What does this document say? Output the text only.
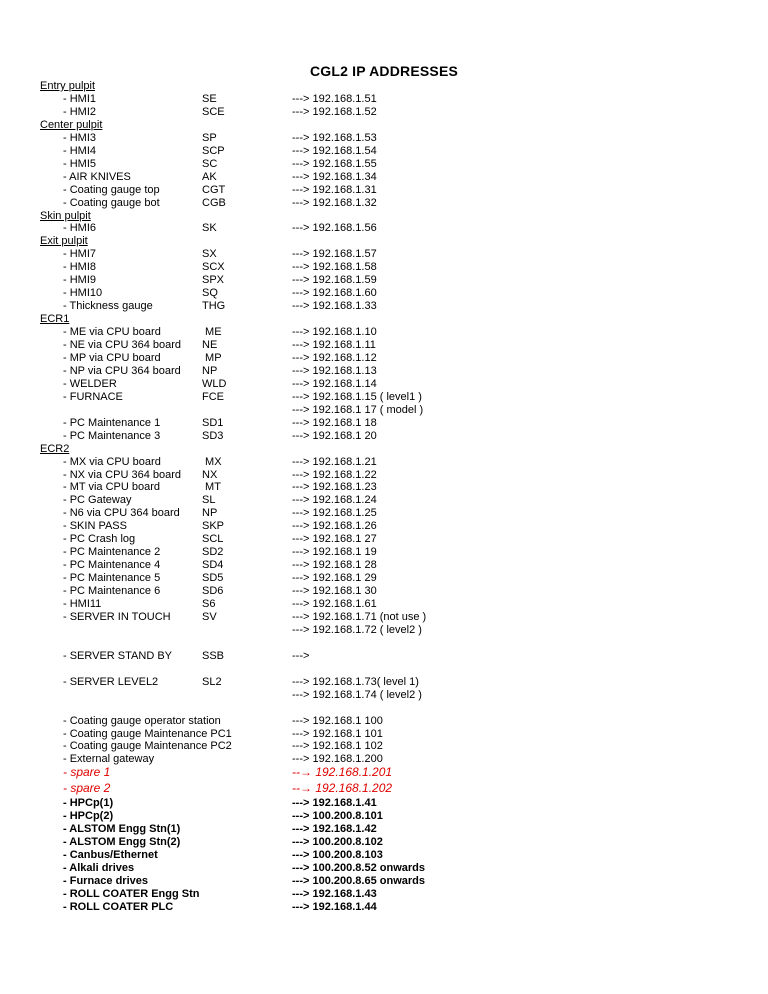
CGL2 IP ADDRESSES
Entry pulpit
- HMI1	SE	---> 192.168.1.51
- HMI2	SCE	---> 192.168.1.52
Center pulpit
- HMI3	SP	---> 192.168.1.53
- HMI4	SCP	---> 192.168.1.54
- HMI5	SC	---> 192.168.1.55
- AIR KNIVES	AK	---> 192.168.1.34
- Coating gauge top	CGT	---> 192.168.1.31
- Coating gauge bot	CGB	---> 192.168.1.32
Skin pulpit
- HMI6	SK	---> 192.168.1.56
Exit pulpit
- HMI7	SX	---> 192.168.1.57
- HMI8	SCX	---> 192.168.1.58
- HMI9	SPX	---> 192.168.1.59
- HMI10	SQ	---> 192.168.1.60
- Thickness gauge	THG	---> 192.168.1.33
ECR1
- ME via CPU board	ME	---> 192.168.1.10
- NE via CPU 364 board NE	---> 192.168.1.11
- MP via CPU board	MP	---> 192.168.1.12
- NP via CPU 364 board NP	---> 192.168.1.13
- WELDER	WLD	---> 192.168.1.14
- FURNACE	FCE	---> 192.168.1.15 ( level1 )
---> 192.168.1 17 ( model )
- PC Maintenance 1	SD1	---> 192.168.1 18
- PC Maintenance 3	SD3	---> 192.168.1 20
ECR2
- MX via CPU board	MX	---> 192.168.1.21
- NX via CPU 364 board NX	---> 192.168.1.22
- MT via CPU board	MT	---> 192.168.1.23
- PC Gateway	SL	---> 192.168.1.24
- N6 via CPU 364 board NP	---> 192.168.1.25
- SKIN PASS	SKP	---> 192.168.1.26
- PC Crash log	SCL	---> 192.168.1 27
- PC Maintenance 2	SD2	---> 192.168.1 19
- PC Maintenance 4	SD4	---> 192.168.1 28
- PC Maintenance 5	SD5	---> 192.168.1 29
- PC Maintenance 6	SD6	---> 192.168.1 30
- HMI11	S6	---> 192.168.1.61
- SERVER IN TOUCH	SV	---> 192.168.1.71 (not use )
---> 192.168.1.72 ( level2 )
- SERVER STAND BY	SSB	--->
- SERVER LEVEL2	SL2	---> 192.168.1.73( level 1)
---> 192.168.1.74 ( level2 )
- Coating gauge operator station	---> 192.168.1 100
- Coating gauge Maintenance PC1	---> 192.168.1 101
- Coating gauge Maintenance PC2	---> 192.168.1 102
- External gateway	---> 192.168.1.200
- spare 1	--→ 192.168.1.201
- spare 2	--→ 192.168.1.202
- HPCp(1)	---> 192.168.1.41
- HPCp(2)	---> 100.200.8.101
- ALSTOM Engg Stn(1)	---> 192.168.1.42
- ALSTOM Engg Stn(2)	---> 100.200.8.102
- Canbus/Ethernet	---> 100.200.8.103
- Alkali drives	---> 100.200.8.52 onwards
- Furnace drives	---> 100.200.8.65 onwards
- ROLL COATER Engg Stn	---> 192.168.1.43
- ROLL COATER PLC	---> 192.168.1.44
